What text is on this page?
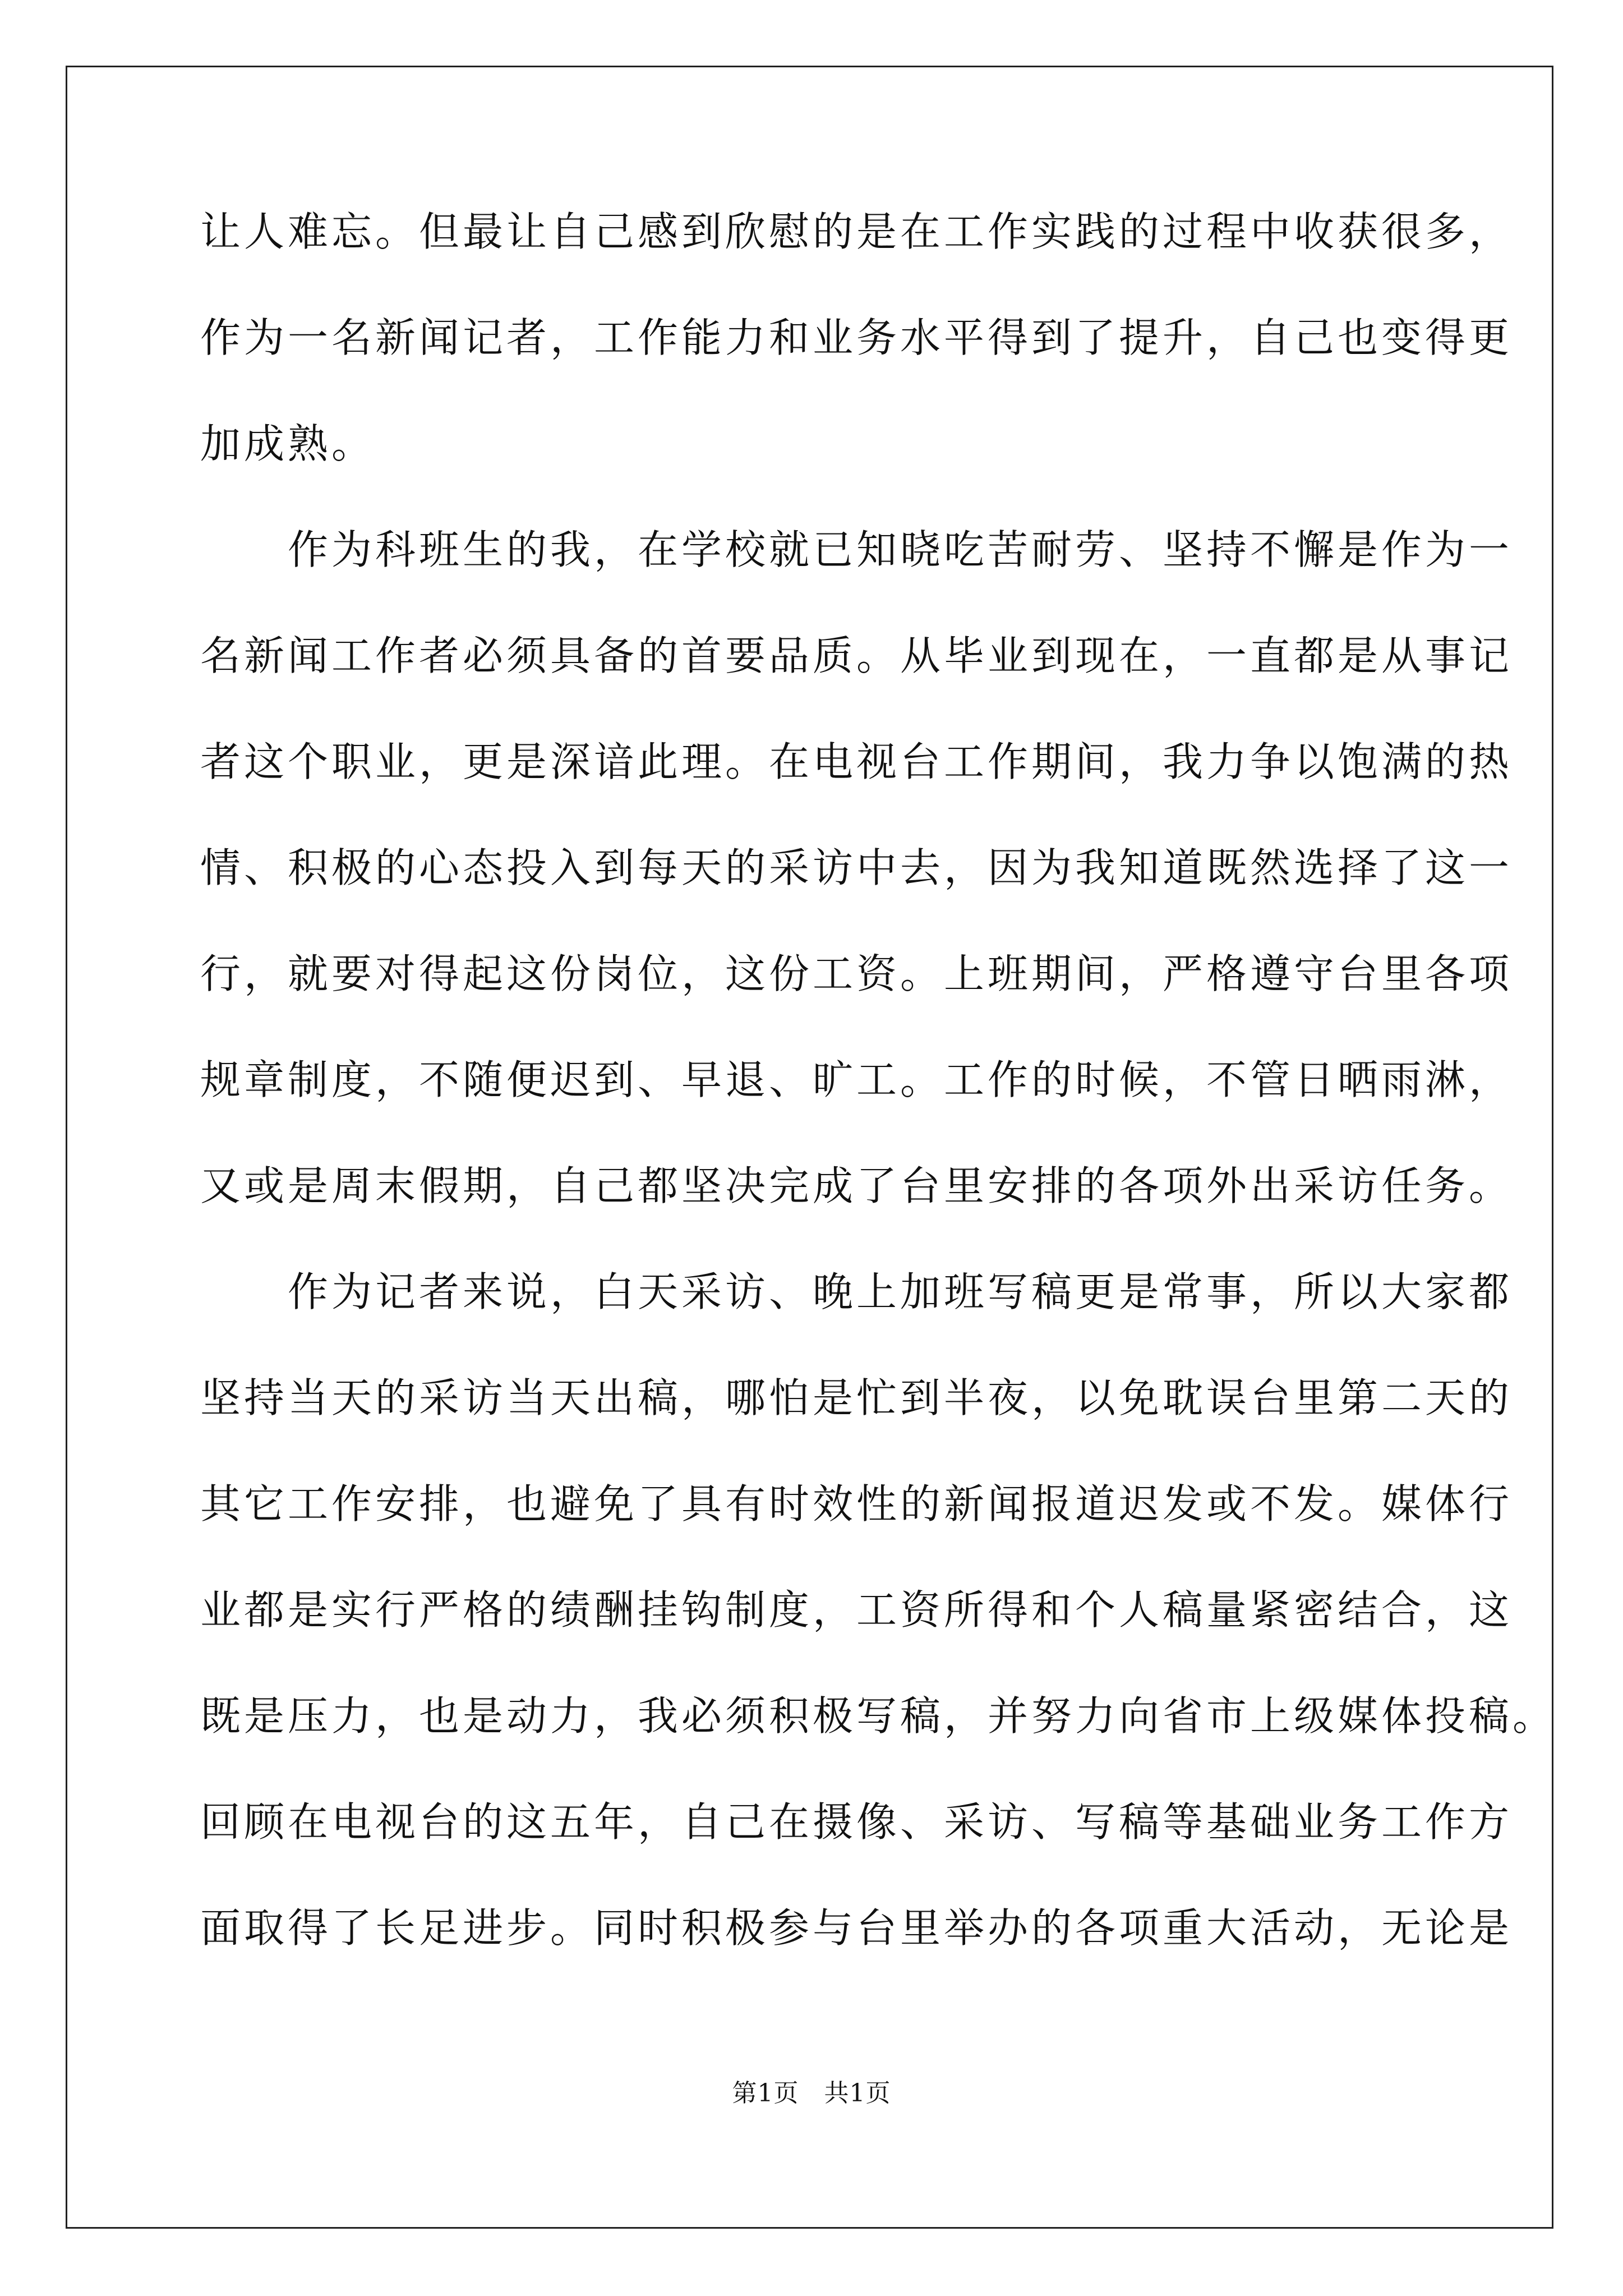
让人难忘。但最让自己感到欣慰的是在工作实践的过程中收获很多，
作为一名新闻记者，工作能力和业务水平得到了提升，自己也变得更
加成熟。
　　作为科班生的我，在学校就已知晓吃苦耐劳、坚持不懈是作为一
名新闻工作者必须具备的首要品质。从毕业到现在，一直都是从事记
者这个职业，更是深谙此理。在电视台工作期间，我力争以饱满的热
情、积极的心态投入到每天的采访中去，因为我知道既然选择了这一
行，就要对得起这份岗位，这份工资。上班期间，严格遵守台里各项
规章制度，不随便迟到、早退、旷工。工作的时候，不管日晒雨淋，
又或是周末假期，自己都坚决完成了台里安排的各项外出采访任务。
　　作为记者来说，白天采访、晚上加班写稿更是常事，所以大家都
坚持当天的采访当天出稿，哪怕是忙到半夜，以免耽误台里第二天的
其它工作安排，也避免了具有时效性的新闻报道迟发或不发。媒体行
业都是实行严格的绩酬挂钩制度，工资所得和个人稿量紧密结合，这
既是压力，也是动力，我必须积极写稿，并努力向省市上级媒体投稿。
回顾在电视台的这五年，自己在摄像、采访、写稿等基础业务工作方
面取得了长足进步。同时积极参与台里举办的各项重大活动，无论是
第1页   共1页
